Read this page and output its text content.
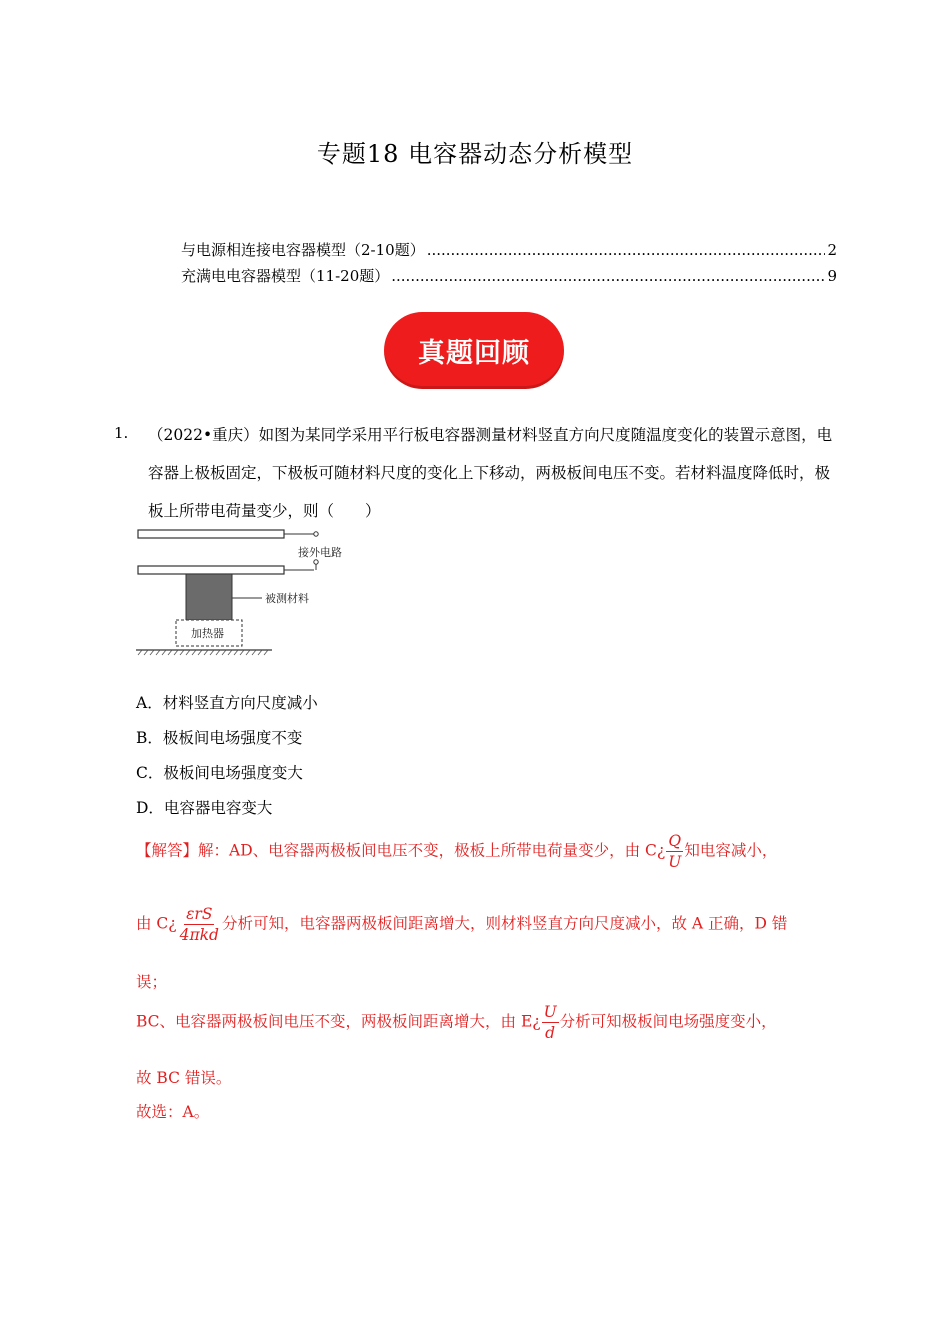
专题18 电容器动态分析模型
与电源相连接电容器模型（2-10题） .....	2
充满电电容器模型（11-20题） .....	9
真题回顾
1. （2022•重庆）如图为某同学采用平行板电容器测量材料竖直方向尺度随温度变化的装置示意图，电容器上极板固定，下极板可随材料尺度的变化上下移动，两极板间电压不变。若材料温度降低时，极板上所带电荷量变少，则（　　）
接外电路
被测材料
加热器
A．材料竖直方向尺度减小
B．极板间电场强度不变
C．极板间电场强度变大
D．电容器电容变大
【解答】解：AD、电容器两极板间电压不变，极板上所带电荷量变少，由 C¿ $\frac{Q}{U}$ 知电容减小，
由 C¿ $\frac{\text{εrS}}{\text{4πkd}}$ 分析可知，电容器两极板间距离增大，则材料竖直方向尺度减小，故 A 正确，D 错
误；
BC、电容器两极板间电压不变，两极板间距离增大，由 E¿ $\frac{U}{d}$ 分析可知极板间电场强度变小，
故 BC 错误。
故选：A。
